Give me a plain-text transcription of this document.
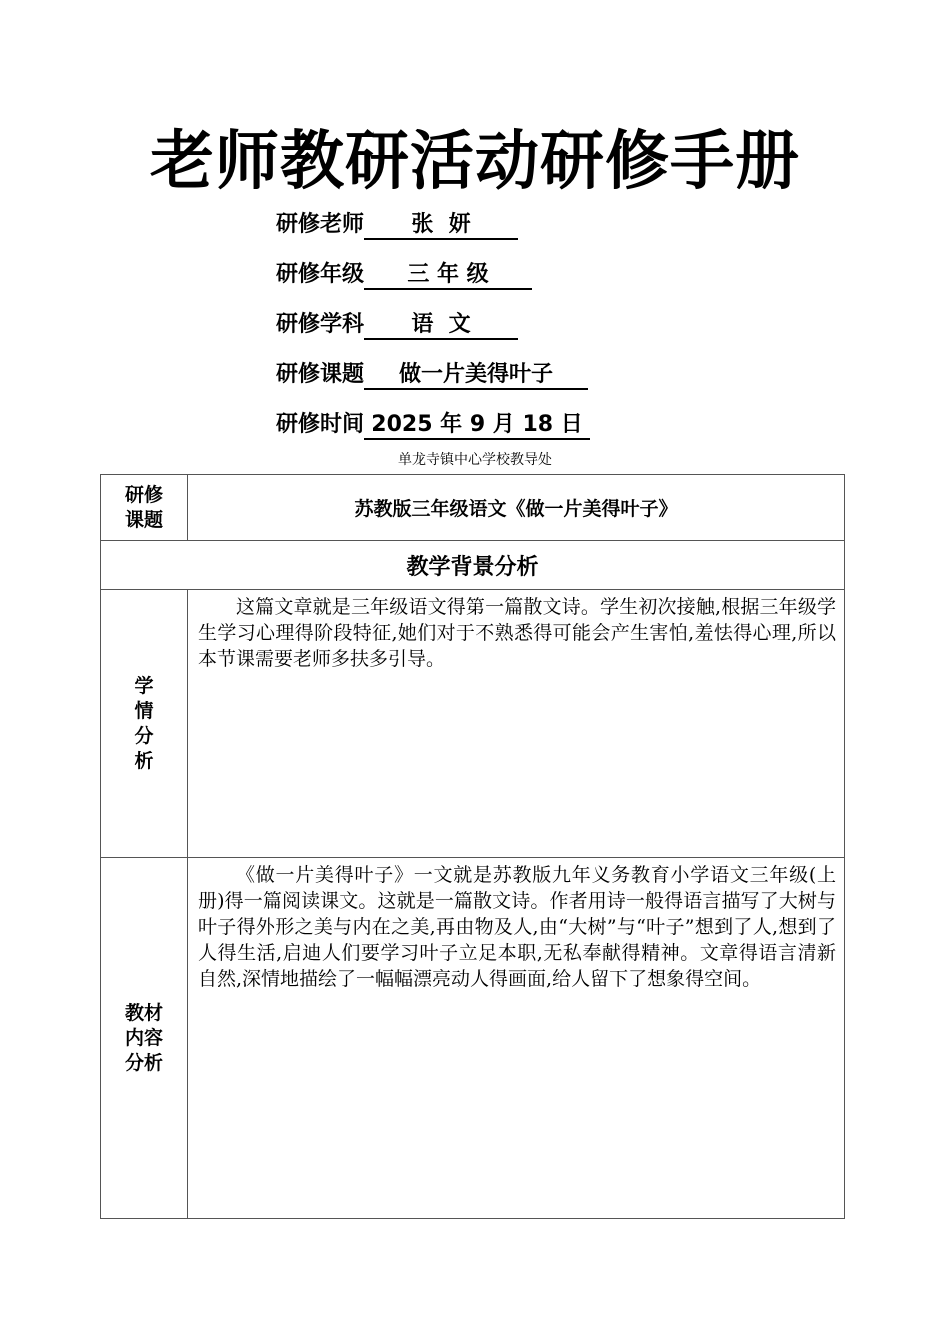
老师教研活动研修手册
研修老师 张  妍
研修年级 三 年 级
研修学科 语  文
研修课题 做一片美得叶子
研修时间 2025 年 9 月 18 日
单龙寺镇中心学校教导处
研修
课题	苏教版三年级语文《做一片美得叶子》
教学背景分析	
学
情
分
析	这篇文章就是三年级语文得第一篇散文诗。学生初次接触,根据三年级学生学习心理得阶段特征,她们对于不熟悉得可能会产生害怕,羞怯得心理,所以本节课需要老师多扶多引导。
教材
内容
分析	《做一片美得叶子》一文就是苏教版九年义务教育小学语文三年级(上册)得一篇阅读课文。这就是一篇散文诗。作者用诗一般得语言描写了大树与叶子得外形之美与内在之美,再由物及人,由“大树”与“叶子”想到了人,想到了人得生活,启迪人们要学习叶子立足本职,无私奉献得精神。文章得语言清新自然,深情地描绘了一幅幅漂亮动人得画面,给人留下了想象得空间。
